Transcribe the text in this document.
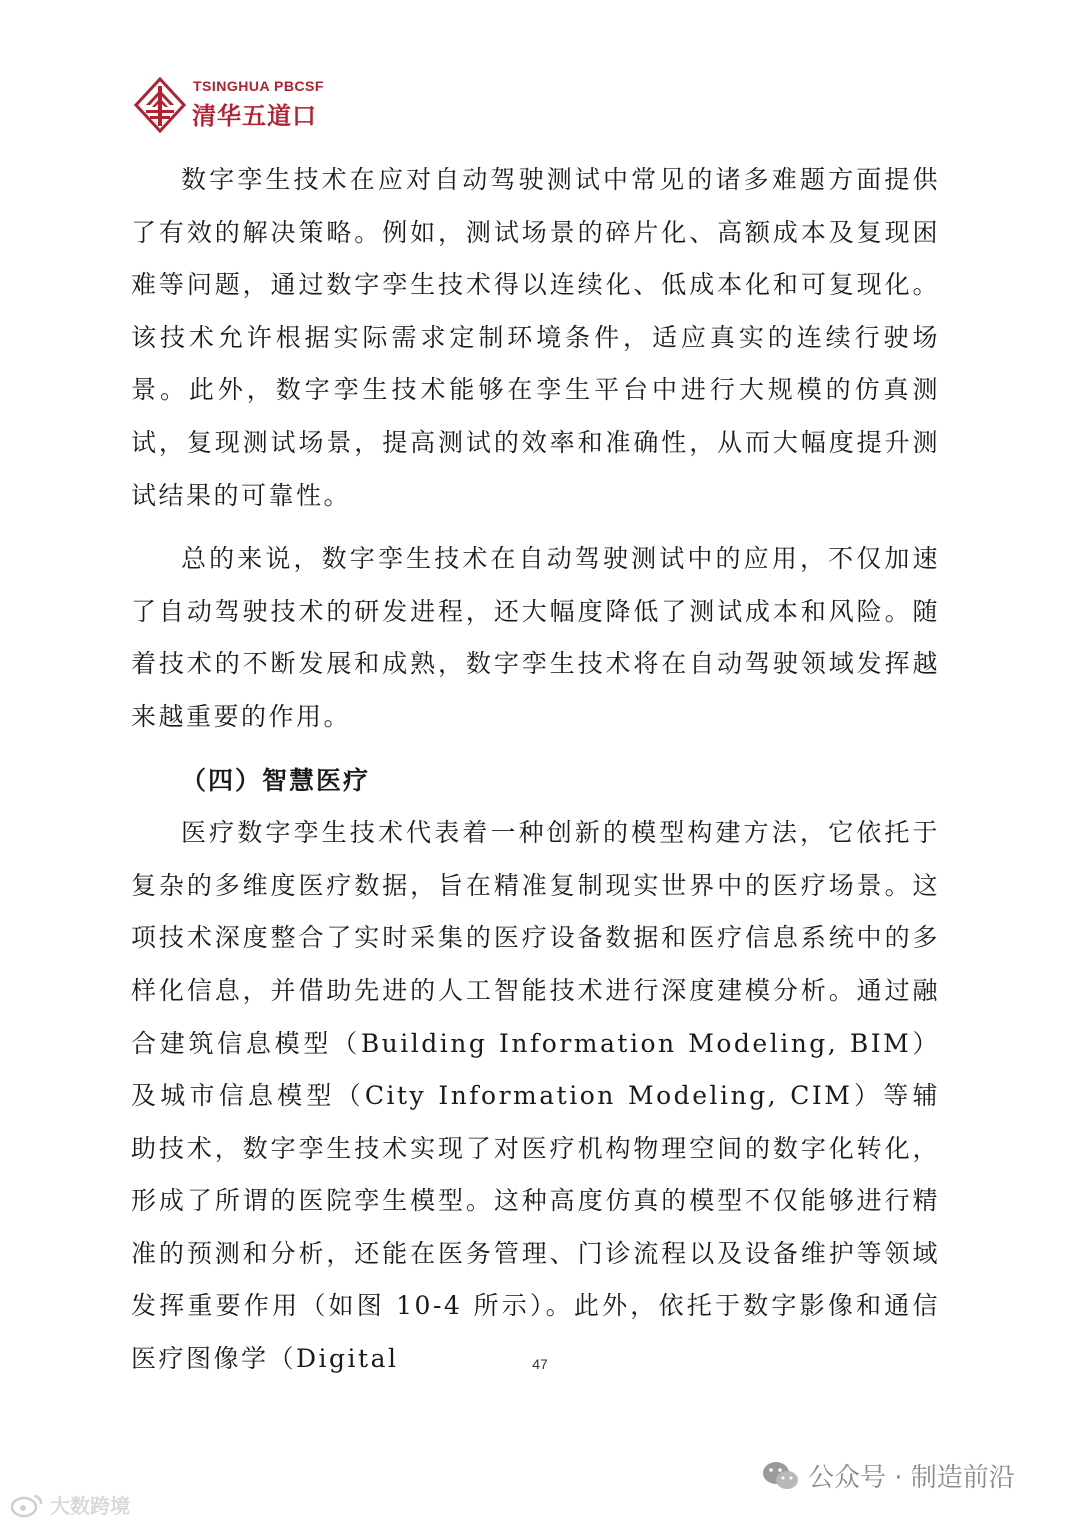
TSINGHUA PBCSF
清华五道口

数字孪生技术在应对自动驾驶测试中常见的诸多难题方面提供了有效的解决策略。例如，测试场景的碎片化、高额成本及复现困难等问题，通过数字孪生技术得以连续化、低成本化和可复现化。该技术允许根据实际需求定制环境条件，适应真实的连续行驶场景。此外，数字孪生技术能够在孪生平台中进行大规模的仿真测试，复现测试场景，提高测试的效率和准确性，从而大幅度提升测试结果的可靠性。

总的来说，数字孪生技术在自动驾驶测试中的应用，不仅加速了自动驾驶技术的研发进程，还大幅度降低了测试成本和风险。随着技术的不断发展和成熟，数字孪生技术将在自动驾驶领域发挥越来越重要的作用。

（四）智慧医疗

医疗数字孪生技术代表着一种创新的模型构建方法，它依托于复杂的多维度医疗数据，旨在精准复制现实世界中的医疗场景。这项技术深度整合了实时采集的医疗设备数据和医疗信息系统中的多样化信息，并借助先进的人工智能技术进行深度建模分析。通过融合建筑信息模型（Building Information Modeling, BIM）及城市信息模型（City Information Modeling, CIM）等辅助技术，数字孪生技术实现了对医疗机构物理空间的数字化转化，形成了所谓的医院孪生模型。这种高度仿真的模型不仅能够进行精准的预测和分析，还能在医务管理、门诊流程以及设备维护等领域发挥重要作用（如图 10-4 所示）。此外，依托于数字影像和通信医疗图像学（Digital	47
公众号 · 制造前沿
大数跨境
